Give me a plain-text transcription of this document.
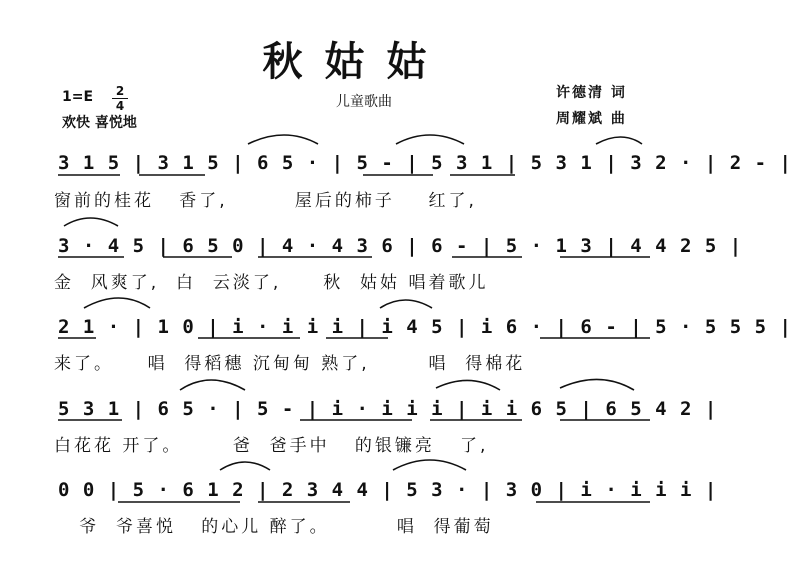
秋姑姑
1=E	2
4
欢快 喜悦地
儿童歌曲
许德清 词
周耀斌 曲
3 1 5 | 3 1 5 | 6 5 · | 5 - | 5 3 1 | 5 3 1 | 3 2 · | 2 - |
窗前的桂花   香了,        屋后的柿子    红了,
3 · 4 5 | 6 5 0 | 4 · 4 3 6 | 6 - | 5 · 1 3 | 4 4 2 5 |
金  风爽了,  白  云淡了,     秋  姑姑 唱着歌儿
2 1 · | 1 0 | i · i i i | i 4 5 | i 6 · | 6 - | 5 · 5 5 5 |
来了。    唱  得稻穗 沉甸甸 熟了,       唱  得棉花
5 3 1 | 6 5 · | 5 - | i · i i i | i i 6 5 | 6 5 4 2 |
白花花 开了。      爸  爸手中   的银镰亮   了,
0 0 | 5 · 6 1 2 | 2 3 4 4 | 5 3 · | 3 0 | i · i i i |
爷  爷喜悦   的心儿 醉了。        唱  得葡萄
